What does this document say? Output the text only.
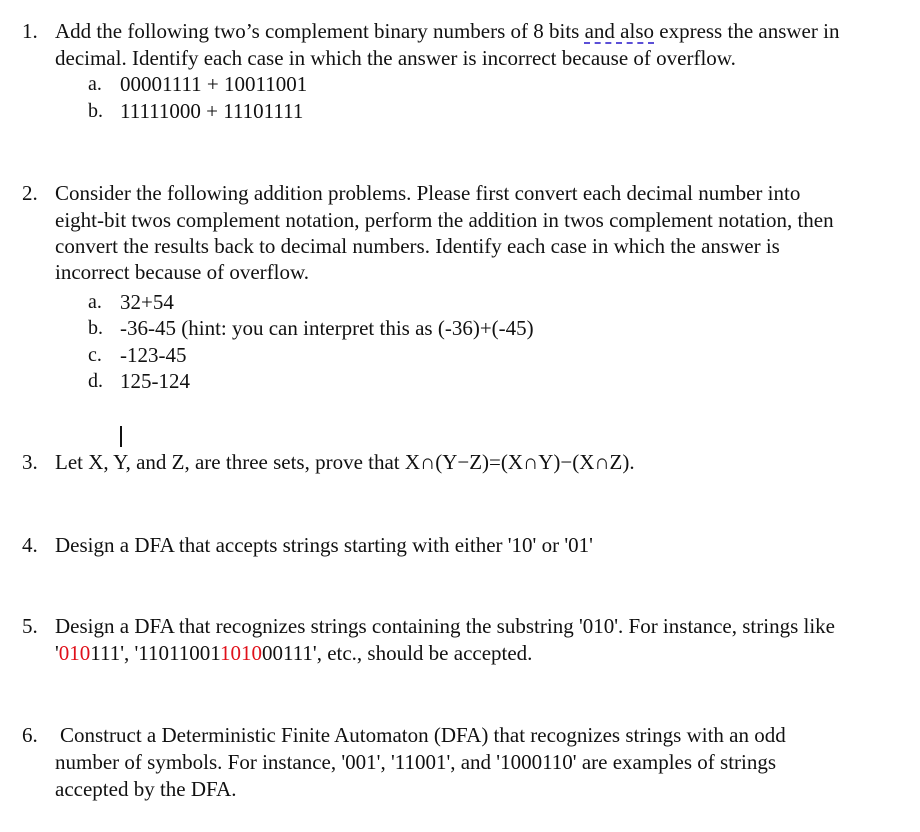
1. Add the following two’s complement binary numbers of 8 bits and also express the answer in
decimal. Identify each case in which the answer is incorrect because of overflow.
a. 00001111 + 10011001
b. 11111000 + 11101111
2. Consider the following addition problems. Please first convert each decimal number into
eight-bit twos complement notation, perform the addition in twos complement notation, then
convert the results back to decimal numbers. Identify each case in which the answer is
incorrect because of overflow.
a. 32+54
b. -36-45 (hint: you can interpret this as (-36)+(-45)
c. -123-45
d. 125-124
3. Let X, Y, and Z, are three sets, prove that X∩(Y−Z)=(X∩Y)−(X∩Z).
4. Design a DFA that accepts strings starting with either '10' or '01'
5. Design a DFA that recognizes strings containing the substring '010'. For instance, strings like
'010111', '11011001101000111', etc., should be accepted.
6. Construct a Deterministic Finite Automaton (DFA) that recognizes strings with an odd
number of symbols. For instance, '001', '11001', and '1000110' are examples of strings
accepted by the DFA.
